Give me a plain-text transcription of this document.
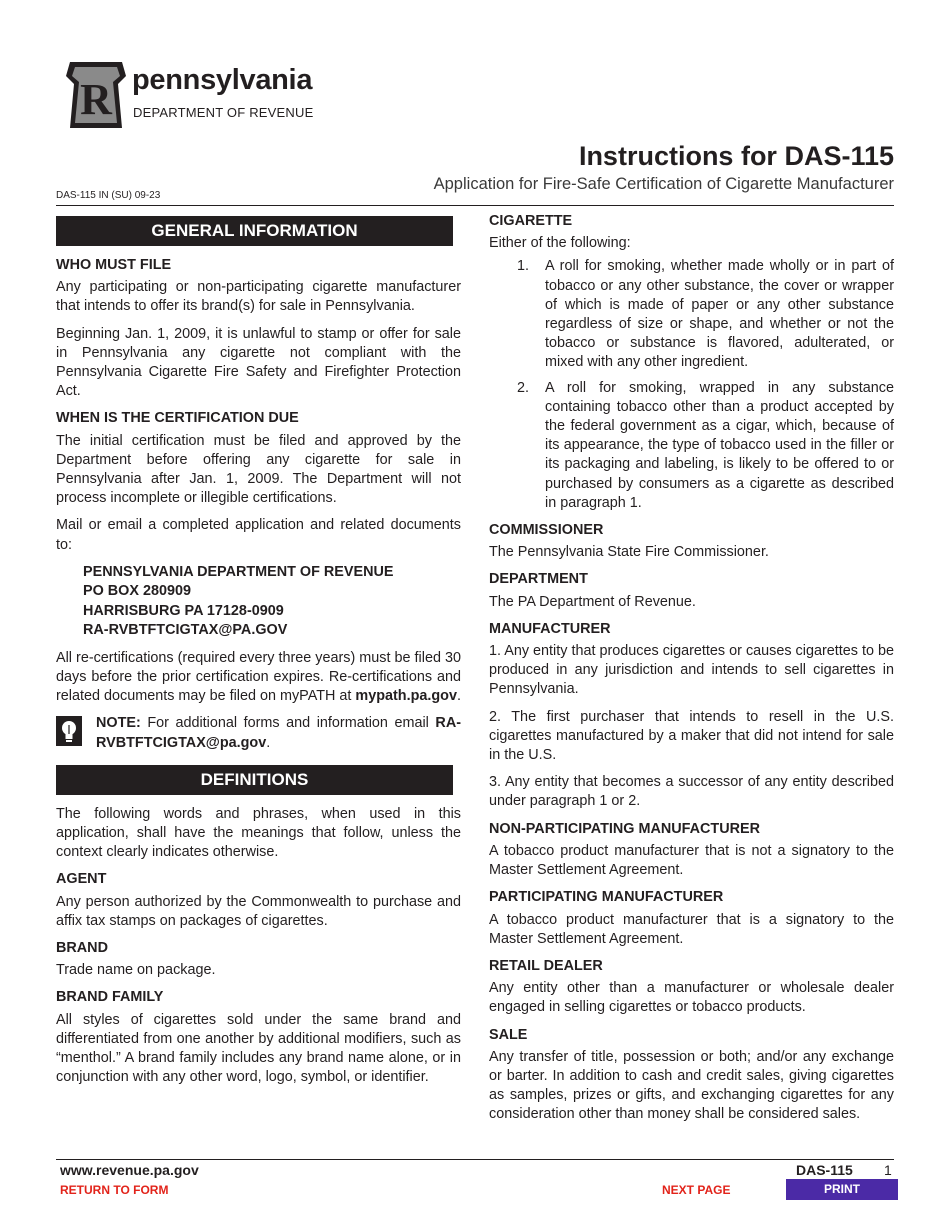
R pennsylvania
DEPARTMENT OF REVENUE
Instructions for DAS-115
Application for Fire-Safe Certification of Cigarette Manufacturer
DAS-115 IN (SU) 09-23
GENERAL INFORMATION
WHO MUST FILE

Any participating or non-participating cigarette manufacturer that intends to offer its brand(s) for sale in Pennsylvania.

Beginning Jan. 1, 2009, it is unlawful to stamp or offer for sale in Pennsylvania any cigarette not compliant with the Pennsylvania Cigarette Fire Safety and Firefighter Protection Act.

WHEN IS THE CERTIFICATION DUE

The initial certification must be filed and approved by the Department before offering any cigarette for sale in Pennsylvania after Jan. 1, 2009. The Department will not process incomplete or illegible certifications.

Mail or email a completed application and related documents to:

PENNSYLVANIA DEPARTMENT OF REVENUE
PO BOX 280909
HARRISBURG PA 17128-0909
RA-RVBTFTCIGTAX@PA.GOV

All re-certifications (required every three years) must be filed 30 days before the prior certification expires. Re-certifications and related documents may be filed on myPATH at mypath.pa.gov.

NOTE: For additional forms and information email RA-RVBTFTCIGTAX@pa.gov.
DEFINITIONS

The following words and phrases, when used in this application, shall have the meanings that follow, unless the context clearly indicates otherwise.

AGENT

Any person authorized by the Commonwealth to purchase and affix tax stamps on packages of cigarettes.

BRAND

Trade name on package.

BRAND FAMILY

All styles of cigarettes sold under the same brand and differentiated from one another by additional modifiers, such as “menthol.” A brand family includes any brand name alone, or in conjunction with any other word, logo, symbol, or identifier.

CIGARETTE

Either of the following:

1. A roll for smoking, whether made wholly or in part of tobacco or any other substance, the cover or wrapper of which is made of paper or any other substance regardless of size or shape, and whether or not the tobacco or substance is flavored, adulterated, or mixed with any other ingredient.
2. A roll for smoking, wrapped in any substance containing tobacco other than a product accepted by the federal government as a cigar, which, because of its appearance, the type of tobacco used in the filler or its packaging and labeling, is likely to be offered to or purchased by consumers as a cigarette as described in paragraph 1.
COMMISSIONER

The Pennsylvania State Fire Commissioner.

DEPARTMENT

The PA Department of Revenue.

MANUFACTURER

1. Any entity that produces cigarettes or causes cigarettes to be produced in any jurisdiction and intends to sell cigarettes in Pennsylvania.

2. The first purchaser that intends to resell in the U.S. cigarettes manufactured by a maker that did not intend for sale in the U.S.

3. Any entity that becomes a successor of any entity described under paragraph 1 or 2.

NON-PARTICIPATING MANUFACTURER

A tobacco product manufacturer that is not a signatory to the Master Settlement Agreement.

PARTICIPATING MANUFACTURER

A tobacco product manufacturer that is a signatory to the Master Settlement Agreement.

RETAIL DEALER

Any entity other than a manufacturer or wholesale dealer engaged in selling cigarettes or tobacco products.

SALE

Any transfer of title, possession or both; and/or any exchange or barter. In addition to cash and credit sales, giving cigarettes as samples, prizes or gifts, and exchanging cigarettes for any consideration other than money shall be considered sales.

www.revenue.pa.gov	DAS-115 1
RETURN TO FORM	NEXT PAGE	PRINT
